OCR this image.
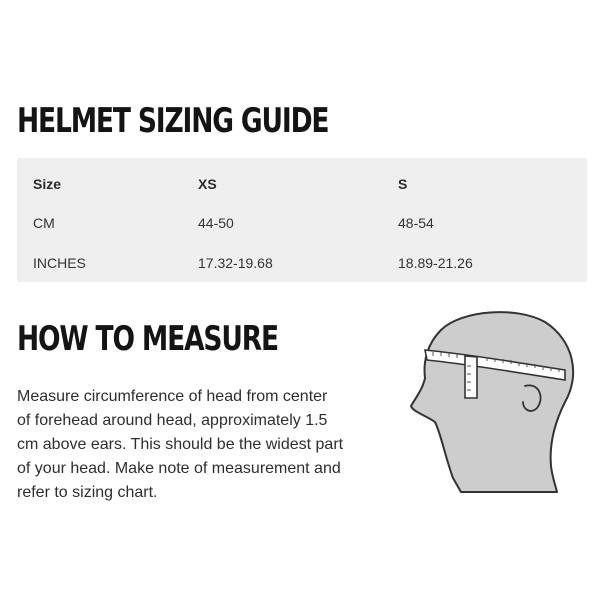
HELMET SIZING GUIDE
Size	XS	S
CM	44-50	48-54
INCHES	17.32-19.68	18.89-21.26
HOW TO MEASURE

Measure circumference of head from center
of forehead around head, approximately 1.5
cm above ears. This should be the widest part
of your head. Make note of measurement and
refer to sizing chart.
